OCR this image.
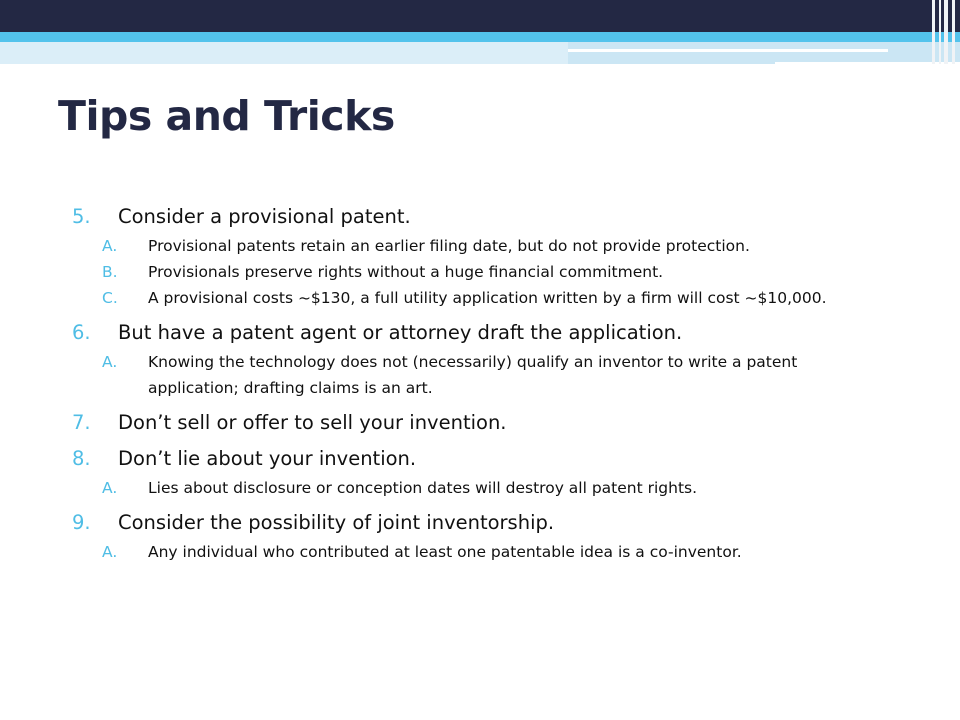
Tips and Tricks
5.	Consider a provisional patent.
A.	Provisional patents retain an earlier filing date, but do not provide protection.
B.	Provisionals preserve rights without a huge financial commitment.
C.	A provisional costs ~$130, a full utility application written by a firm will cost ~$10,000.
6.	But have a patent agent or attorney draft the application.
A.	Knowing the technology does not (necessarily) qualify an inventor to write a patent application; drafting claims is an art.
7.	Don’t sell or offer to sell your invention.
8.	Don’t lie about your invention.
A.	Lies about disclosure or conception dates will destroy all patent rights.
9.	Consider the possibility of joint inventorship.
A.	Any individual who contributed at least one patentable idea is a co-inventor.
